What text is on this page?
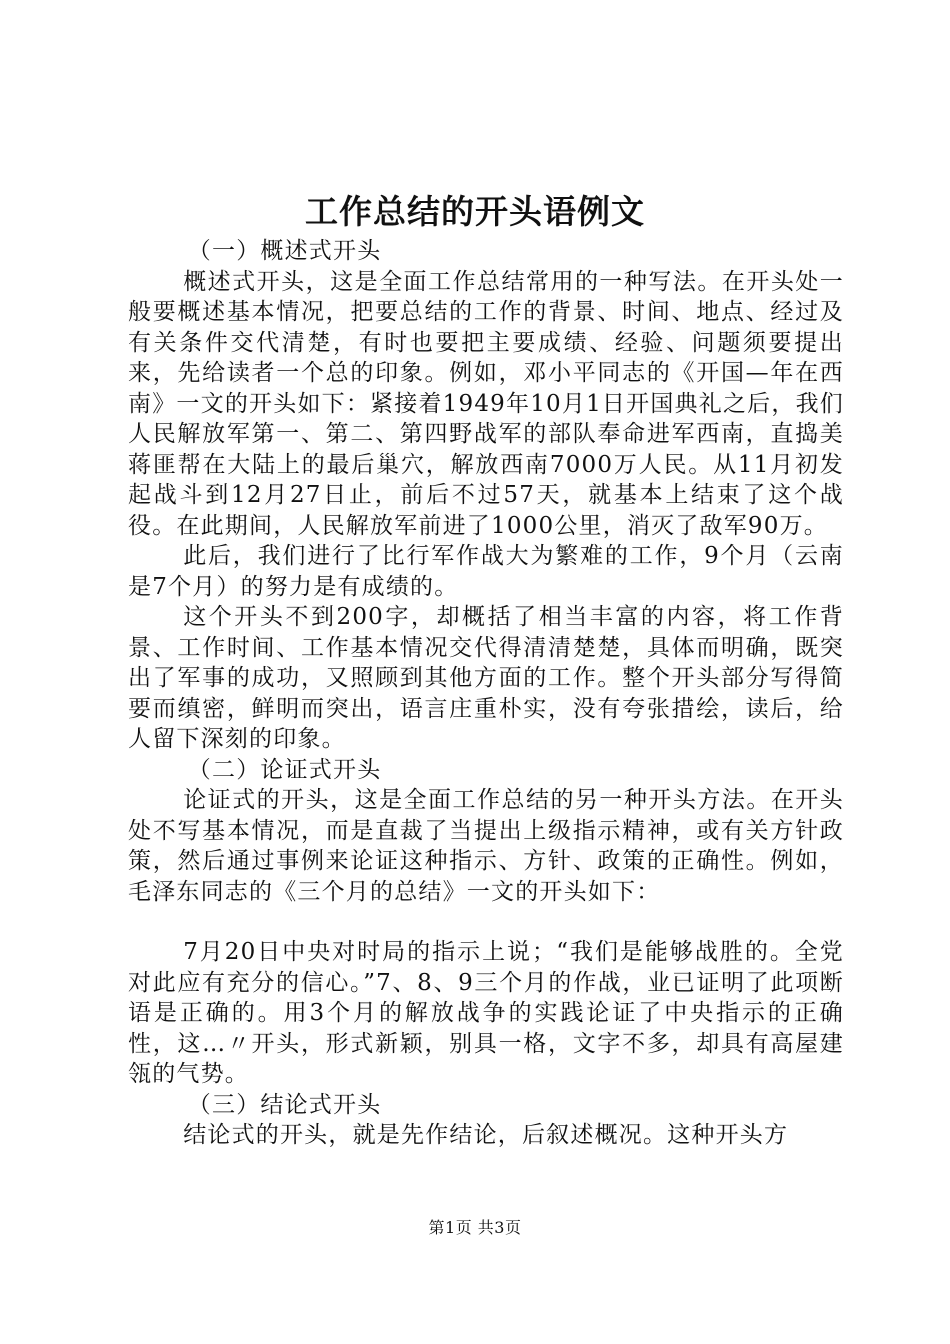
工作总结的开头语例文

（一）概述式开头

概述式开头，这是全面工作总结常用的一种写法。在开头处一般要概述基本情况，把要总结的工作的背景、时间、地点、经过及有关条件交代清楚，有时也要把主要成绩、经验、问题须要提出来，先给读者一个总的印象。例如，邓小平同志的《开国—年在西南》一文的开头如下：紧接着1949年10月1日开国典礼之后，我们人民解放军第一、第二、第四野战军的部队奉命进军西南，直捣美蒋匪帮在大陆上的最后巢穴，解放西南7000万人民。从11月初发起战斗到12月27日止，前后不过57天，就基本上结束了这个战役。在此期间，人民解放军前进了1000公里，消灭了敌军90万。

此后，我们进行了比行军作战大为繁难的工作，9个月（云南是7个月）的努力是有成绩的。

这个开头不到200字，却概括了相当丰富的内容，将工作背景、工作时间、工作基本情况交代得清清楚楚，具体而明确，既突出了军事的成功，又照顾到其他方面的工作。整个开头部分写得简要而缜密，鲜明而突出，语言庄重朴实，没有夸张措绘，读后，给人留下深刻的印象。

（二）论证式开头

论证式的开头，这是全面工作总结的另一种开头方法。在开头处不写基本情况，而是直裁了当提出上级指示精神，或有关方针政策，然后通过事例来论证这种指示、方针、政策的正确性。例如，毛泽东同志的《三个月的总结》一文的开头如下：

7月20日中央对时局的指示上说；“我们是能够战胜的。全党对此应有充分的信心。”7、8、9三个月的作战，业已证明了此项断语是正确的。用3个月的解放战争的实践论证了中央指示的正确性，这…〃开头，形式新颖，别具一格，文字不多，却具有高屋建瓴的气势。

（三）结论式开头

结论式的开头，就是先作结论，后叙述概况。这种开头方

第1页 共3页
